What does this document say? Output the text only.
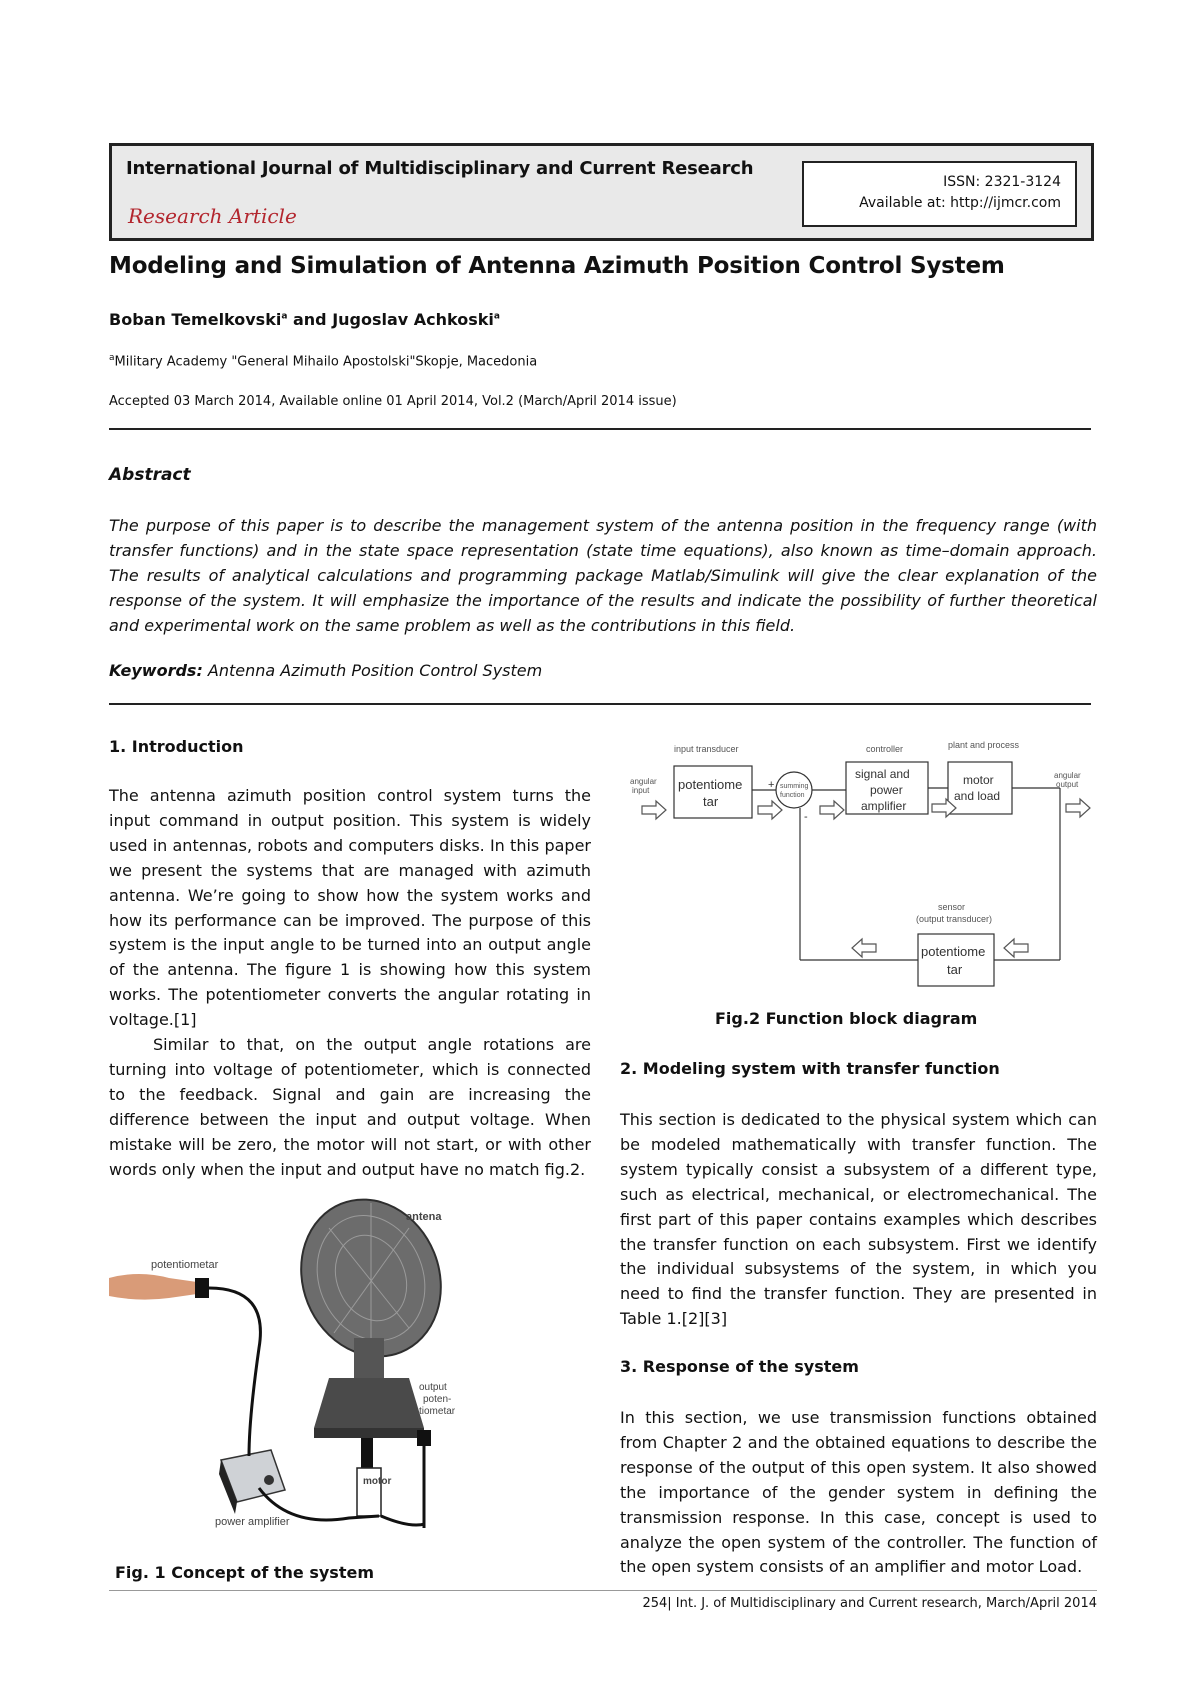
International Journal of Multidisciplinary and Current Research
Research Article
ISSN: 2321-3124
Available at: http://ijmcr.com
Modeling and Simulation of Antenna Azimuth Position Control System
Boban Temelkovski$^a$ and Jugoslav Achkoski$^a$
$^a$Military Academy "General Mihailo Apostolski"Skopje, Macedonia
Accepted 03 March 2014, Available online 01 April 2014, Vol.2 (March/April 2014 issue)
Abstract

The purpose of this paper is to describe the management system of the antenna position in the frequency range (with transfer functions) and in the state space representation (state time equations), also known as time–domain approach. The results of analytical calculations and programming package Matlab/Simulink will give the clear explanation of the response of the system. It will emphasize the importance of the results and indicate the possibility of further theoretical and experimental work on the same problem as well as the contributions in this field.

Keywords: Antenna Azimuth Position Control System
1. Introduction

The antenna azimuth position control system turns the input command in output position. This system is widely used in antennas, robots and computers disks. In this paper we present the systems that are managed with azimuth antenna. We’re going to show how the system works and how its performance can be improved. The purpose of this system is the input angle to be turned into an output angle of the antenna. The figure 1 is showing how this system works. The potentiometer converts the angular rotating in voltage.[1]

Similar to that, on the output angle rotations are turning into voltage of potentiometer, which is connected to the feedback. Signal and gain are increasing the difference between the input and output voltage. When mistake will be zero, the motor will not start, or with other words only when the input and output have no match fig.2.

antena
potentiometar
output
poten-
tiometar
motor
power amplifier
Fig. 1 Concept of the system
input transducer	controller	plant and process
angular
input
angular
output
potentiome
tar
summing
function
+
-
signal and
power
amplifier
motor
and load
sensor
(output transducer)
potentiome
tar
Fig.2 Function block diagram
2. Modeling system with transfer function

This section is dedicated to the physical system which can be modeled mathematically with transfer function. The system typically consist a subsystem of a different type, such as electrical, mechanical, or electromechanical. The first part of this paper contains examples which describes the transfer function on each subsystem. First we identify the individual subsystems of the system, in which you need to find the transfer function. They are presented in Table 1.[2][3]

3. Response of the system

In this section, we use transmission functions obtained from Chapter 2 and the obtained equations to describe the response of the output of this open system. It also showed the importance of the gender system in defining the transmission response. In this case, concept is used to analyze the open system of the controller. The function of the open system consists of an amplifier and motor Load.

254| Int. J. of Multidisciplinary and Current research, March/April 2014
